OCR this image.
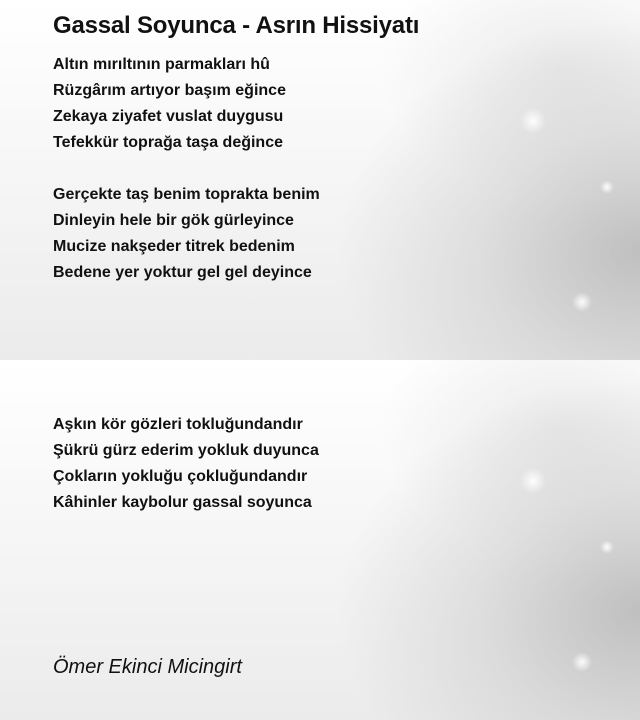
Gassal Soyunca - Asrın Hissiyatı
Altın mırıltının parmakları hû
Rüzgârım artıyor başım eğince
Zekaya ziyafet vuslat duygusu
Tefekkür toprağa taşa değince
Gerçekte taş benim toprakta benim
Dinleyin hele bir gök gürleyince
Mucize nakşeder titrek bedenim
Bedene yer yoktur gel gel deyince
Aşkın kör gözleri tokluğundandır
Şükrü gürz ederim yokluk duyunca
Çokların yokluğu çokluğundandır
Kâhinler kaybolur gassal soyunca
Ömer Ekinci Micingirt
